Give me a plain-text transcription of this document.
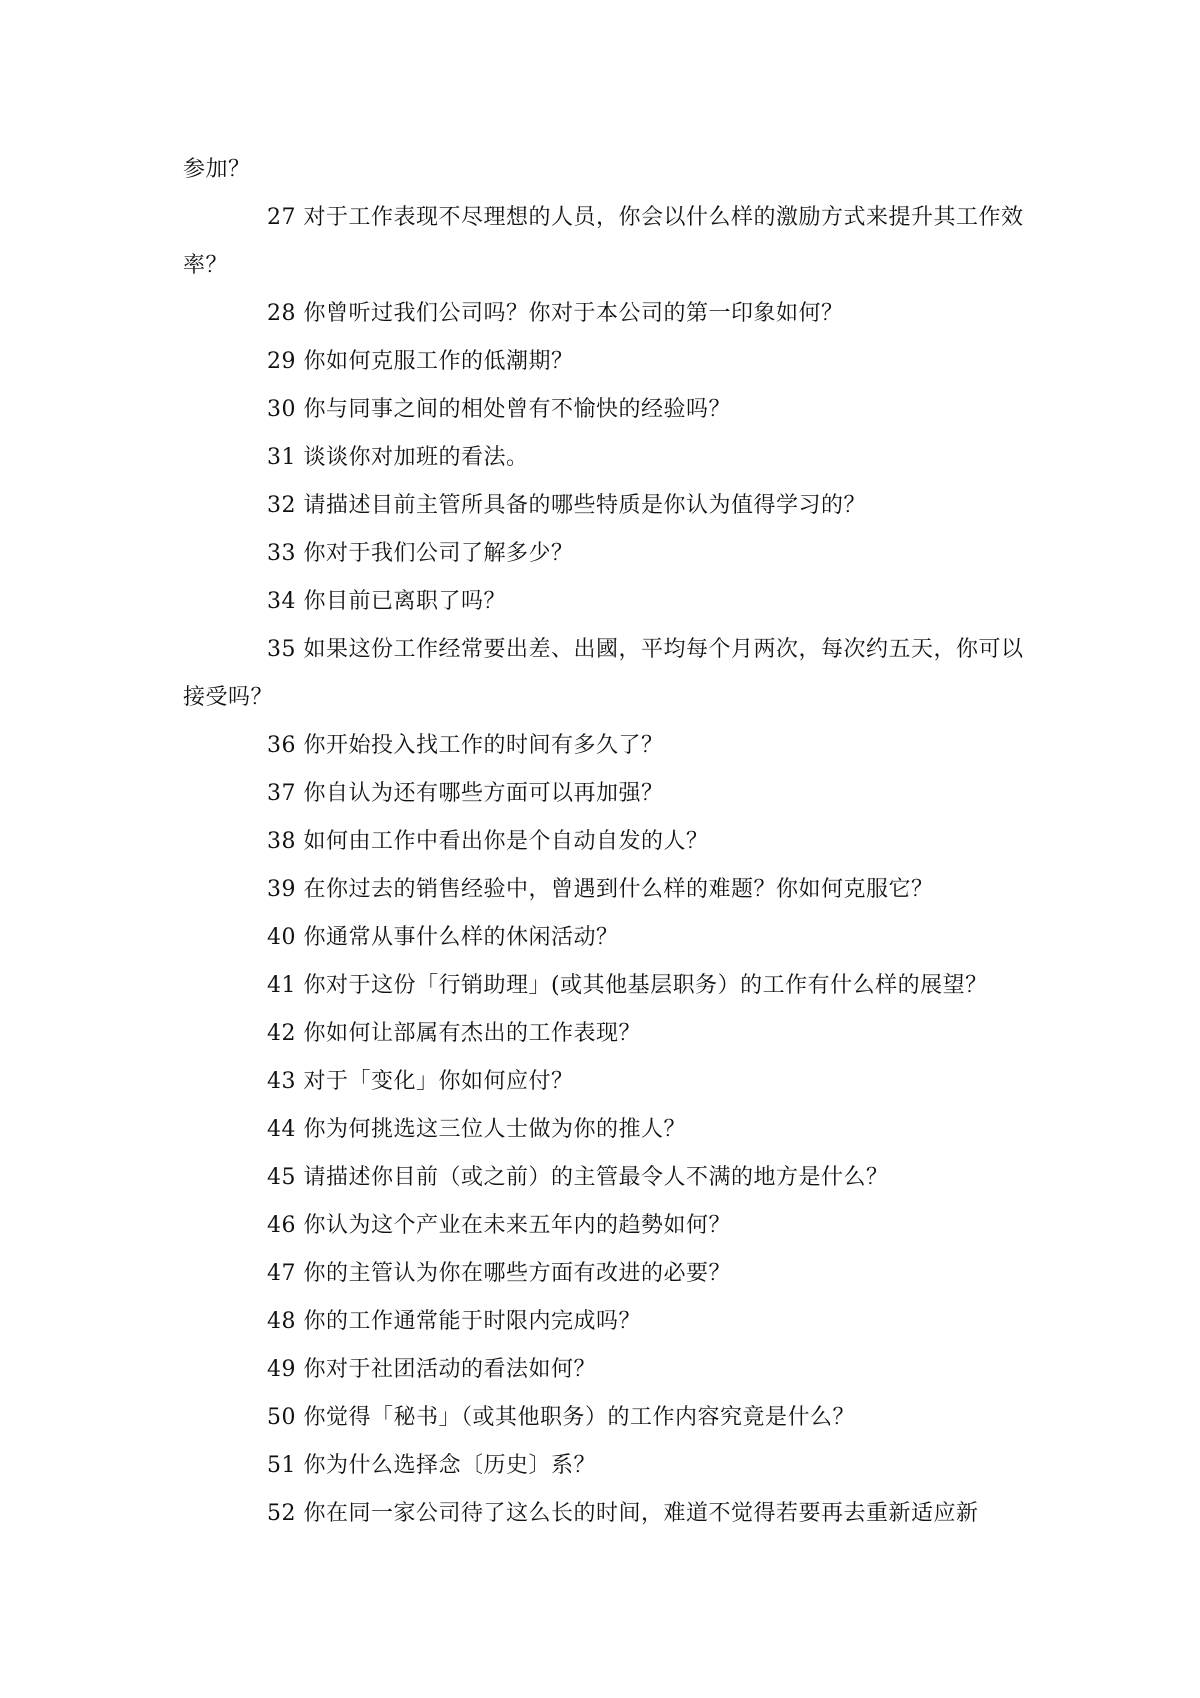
参加？

27 对于工作表现不尽理想的人员，你会以什么样的激励方式来提升其工作效率？

28 你曾听过我们公司吗？你对于本公司的第一印象如何？

29 你如何克服工作的低潮期？

30 你与同事之间的相处曾有不愉快的经验吗？

31 谈谈你对加班的看法。

32 请描述目前主管所具备的哪些特质是你认为值得学习的？

33 你对于我们公司了解多少？

34 你目前已离职了吗？

35 如果这份工作经常要出差、出國，平均每个月两次，每次约五天，你可以接受吗？

36 你开始投入找工作的时间有多久了？

37 你自认为还有哪些方面可以再加强？

38 如何由工作中看出你是个自动自发的人？

39 在你过去的销售经验中，曾遇到什么样的难题？你如何克服它？

40 你通常从事什么样的休闲活动？

41 你对于这份「行销助理」(或其他基层职务）的工作有什么样的展望？

42 你如何让部属有杰出的工作表现？

43 对于「变化」你如何应付？

44 你为何挑选这三位人士做为你的推人？

45 请描述你目前（或之前）的主管最令人不满的地方是什么？

46 你认为这个产业在未来五年内的趋勢如何？

47 你的主管认为你在哪些方面有改进的必要？

48 你的工作通常能于时限内完成吗？

49 你对于社团活动的看法如何？

50 你觉得「秘书」（或其他职务）的工作内容究竟是什么？

51 你为什么选择念〔历史〕系？

52 你在同一家公司待了这么长的时间，难道不觉得若要再去重新适应新
